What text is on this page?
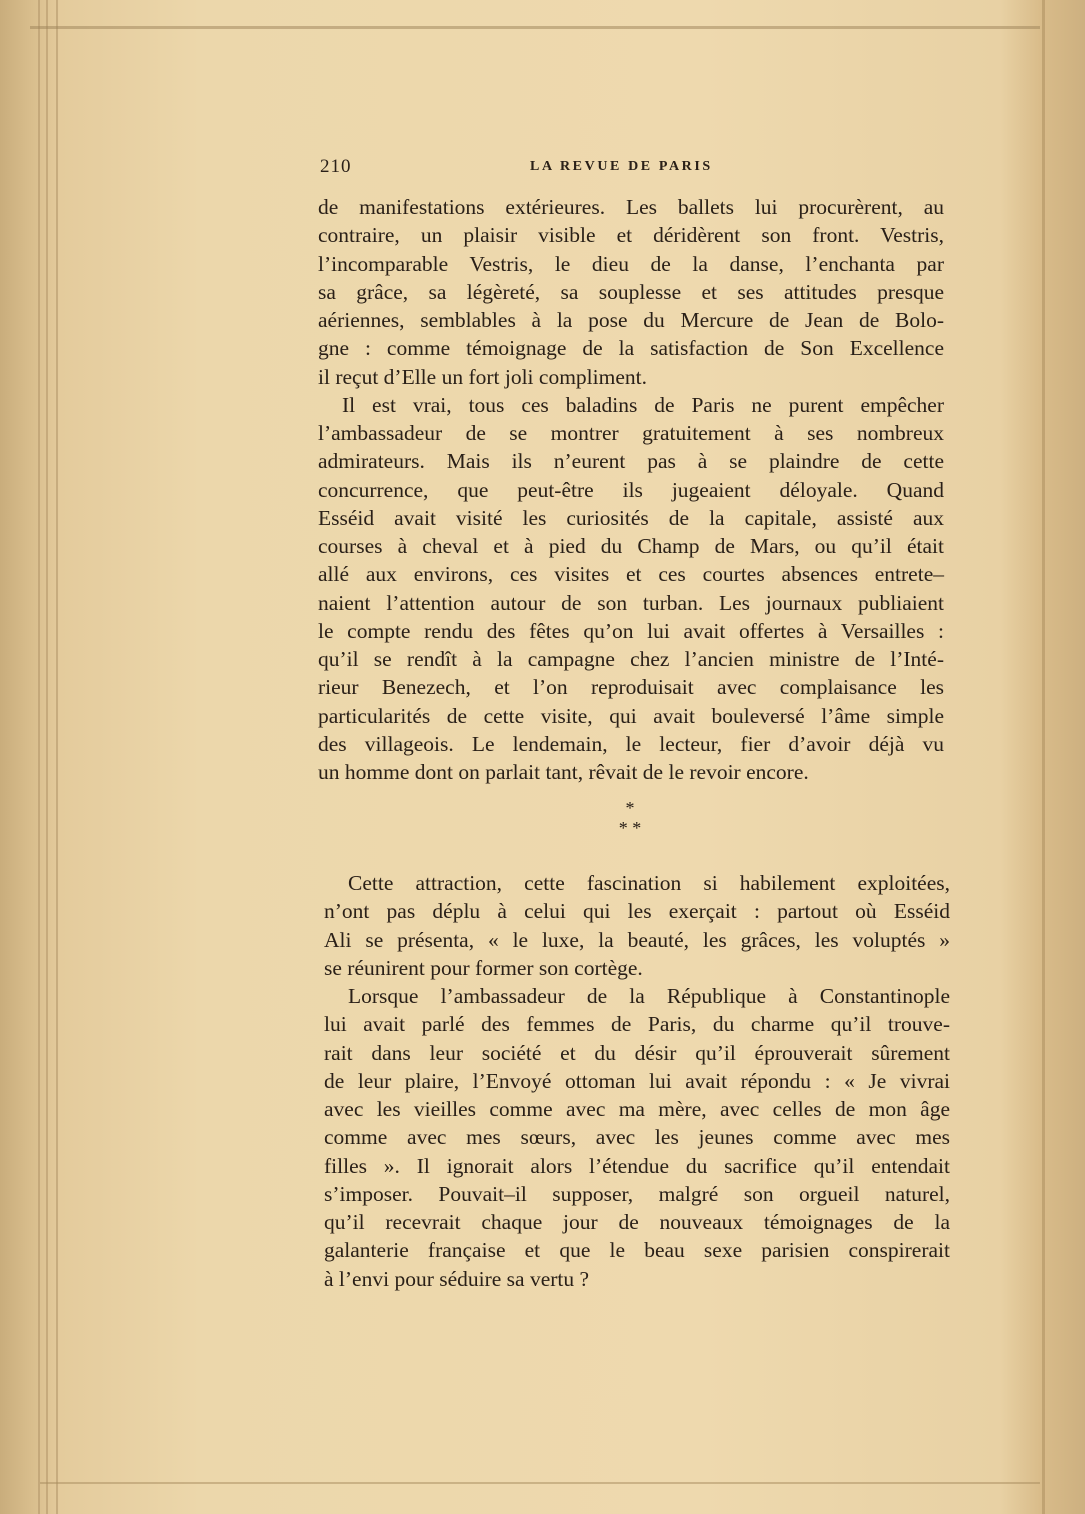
210	LA REVUE DE PARIS
de manifestations extérieures. Les ballets lui procurèrent, au
contraire, un plaisir visible et déridèrent son front. Vestris,
l’incomparable Vestris, le dieu de la danse, l’enchanta par
sa grâce, sa légèreté, sa souplesse et ses attitudes presque
aériennes, semblables à la pose du Mercure de Jean de Bolo-
gne : comme témoignage de la satisfaction de Son Excellence
il reçut d’Elle un fort joli compliment.
Il est vrai, tous ces baladins de Paris ne purent empêcher
l’ambassadeur de se montrer gratuitement à ses nombreux
admirateurs. Mais ils n’eurent pas à se plaindre de cette
concurrence, que peut-être ils jugeaient déloyale. Quand
Esséid avait visité les curiosités de la capitale, assisté aux
courses à cheval et à pied du Champ de Mars, ou qu’il était
allé aux environs, ces visites et ces courtes absences entrete–
naient l’attention autour de son turban. Les journaux publiaient
le compte rendu des fêtes qu’on lui avait offertes à Versailles :
qu’il se rendît à la campagne chez l’ancien ministre de l’Inté-
rieur Benezech, et l’on reproduisait avec complaisance les
particularités de cette visite, qui avait bouleversé l’âme simple
des villageois. Le lendemain, le lecteur, fier d’avoir déjà vu
un homme dont on parlait tant, rêvait de le revoir encore.
*
* *
Cette attraction, cette fascination si habilement exploitées,
n’ont pas déplu à celui qui les exerçait : partout où Esséid
Ali se présenta, « le luxe, la beauté, les grâces, les voluptés »
se réunirent pour former son cortège.
Lorsque l’ambassadeur de la République à Constantinople
lui avait parlé des femmes de Paris, du charme qu’il trouve-
rait dans leur société et du désir qu’il éprouverait sûrement
de leur plaire, l’Envoyé ottoman lui avait répondu : « Je vivrai
avec les vieilles comme avec ma mère, avec celles de mon âge
comme avec mes sœurs, avec les jeunes comme avec mes
filles ». Il ignorait alors l’étendue du sacrifice qu’il entendait
s’imposer. Pouvait–il supposer, malgré son orgueil naturel,
qu’il recevrait chaque jour de nouveaux témoignages de la
galanterie française et que le beau sexe parisien conspirerait
à l’envi pour séduire sa vertu ?
